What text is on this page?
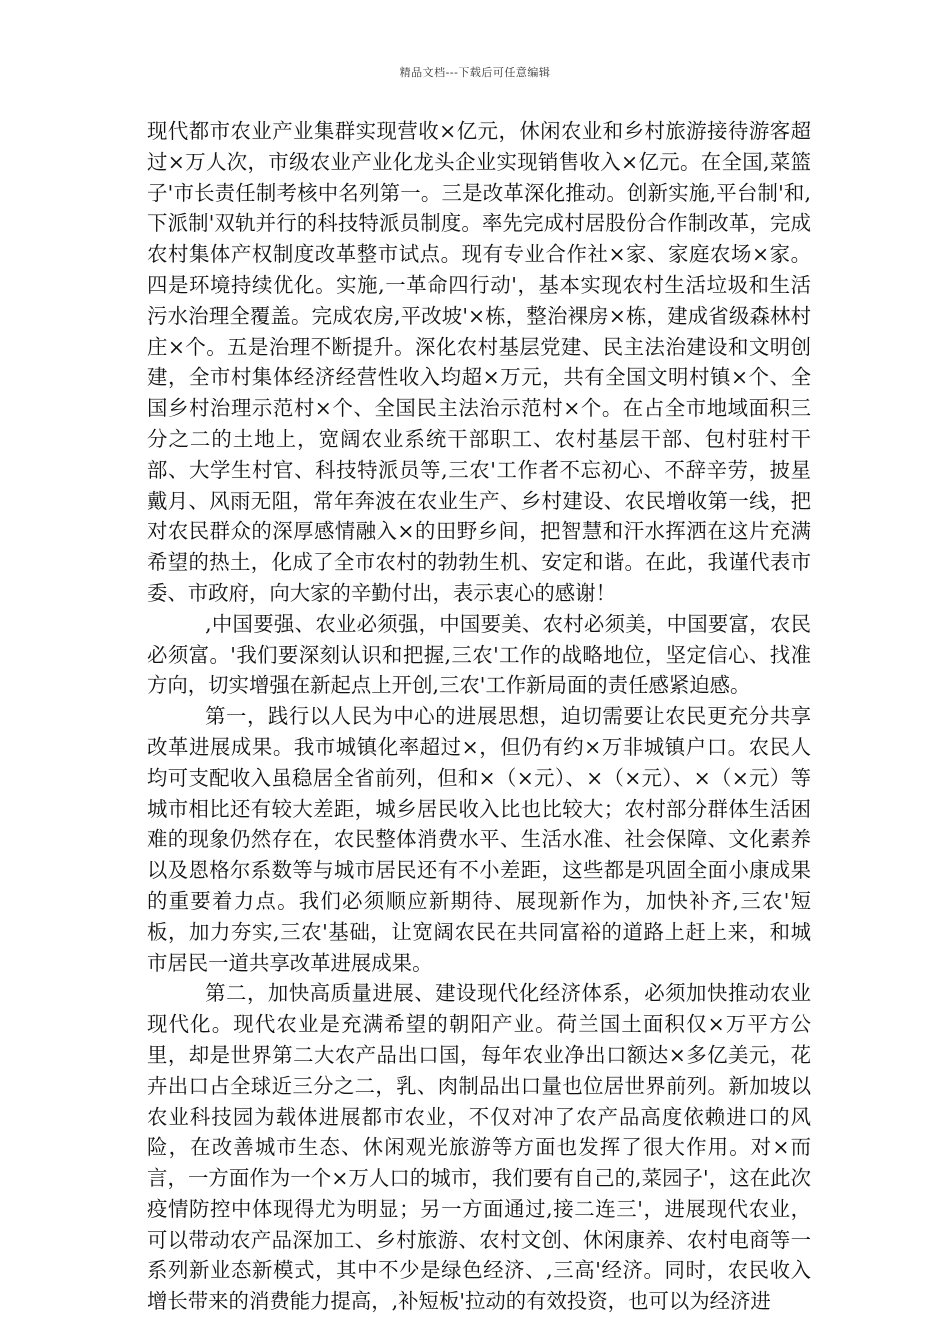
精品文档---下载后可任意编辑

现代都市农业产业集群实现营收×亿元，休闲农业和乡村旅游接待游客超过×万人次，市级农业产业化龙头企业实现销售收入×亿元。在全国,菜篮子'市长责任制考核中名列第一。三是改革深化推动。创新实施,平台制'和,下派制'双轨并行的科技特派员制度。率先完成村居股份合作制改革，完成农村集体产权制度改革整市试点。现有专业合作社×家、家庭农场×家。四是环境持续优化。实施,一革命四行动'，基本实现农村生活垃圾和生活污水治理全覆盖。完成农房,平改坡'×栋，整治裸房×栋，建成省级森林村庄×个。五是治理不断提升。深化农村基层党建、民主法治建设和文明创建，全市村集体经济经营性收入均超×万元，共有全国文明村镇×个、全国乡村治理示范村×个、全国民主法治示范村×个。在占全市地域面积三分之二的土地上，宽阔农业系统干部职工、农村基层干部、包村驻村干部、大学生村官、科技特派员等,三农'工作者不忘初心、不辞辛劳，披星戴月、风雨无阻，常年奔波在农业生产、乡村建设、农民增收第一线，把对农民群众的深厚感情融入×的田野乡间，把智慧和汗水挥洒在这片充满希望的热土，化成了全市农村的勃勃生机、安定和谐。在此，我谨代表市委、市政府，向大家的辛勤付出，表示衷心的感谢！

,中国要强、农业必须强，中国要美、农村必须美，中国要富，农民必须富。'我们要深刻认识和把握,三农'工作的战略地位，坚定信心、找准方向，切实增强在新起点上开创,三农'工作新局面的责任感紧迫感。

第一，践行以人民为中心的进展思想，迫切需要让农民更充分共享改革进展成果。我市城镇化率超过×，但仍有约×万非城镇户口。农民人均可支配收入虽稳居全省前列，但和×（×元）、×（×元）、×（×元）等城市相比还有较大差距，城乡居民收入比也比较大；农村部分群体生活困难的现象仍然存在，农民整体消费水平、生活水准、社会保障、文化素养以及恩格尔系数等与城市居民还有不小差距，这些都是巩固全面小康成果的重要着力点。我们必须顺应新期待、展现新作为，加快补齐,三农'短板，加力夯实,三农'基础，让宽阔农民在共同富裕的道路上赶上来，和城市居民一道共享改革进展成果。

第二，加快高质量进展、建设现代化经济体系，必须加快推动农业现代化。现代农业是充满希望的朝阳产业。荷兰国土面积仅×万平方公里，却是世界第二大农产品出口国，每年农业净出口额达×多亿美元，花卉出口占全球近三分之二，乳、肉制品出口量也位居世界前列。新加坡以农业科技园为载体进展都市农业，不仅对冲了农产品高度依赖进口的风险，在改善城市生态、休闲观光旅游等方面也发挥了很大作用。对×而言，一方面作为一个×万人口的城市，我们要有自己的,菜园子'，这在此次疫情防控中体现得尤为明显；另一方面通过,接二连三'，进展现代农业，可以带动农产品深加工、乡村旅游、农村文创、休闲康养、农村电商等一系列新业态新模式，其中不少是绿色经济、,三高'经济。同时，农民收入增长带来的消费能力提高，,补短板'拉动的有效投资，也可以为经济进
